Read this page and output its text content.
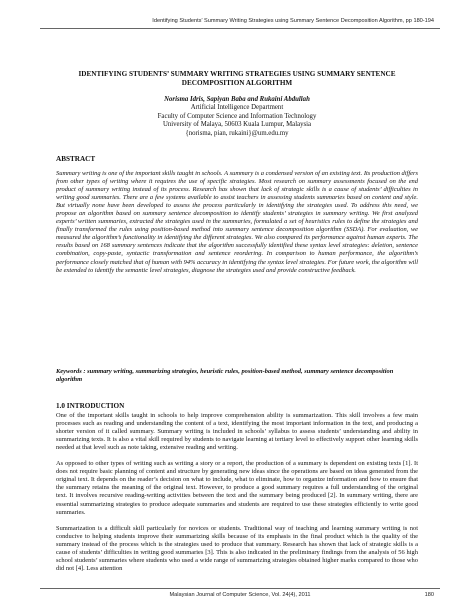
Identifying Students’ Summary Writing Strategies using Summary Sentence Decomposition Algorithm, pp 180-194
IDENTIFYING STUDENTS’ SUMMARY WRITING STRATEGIES USING SUMMARY SENTENCE
DECOMPOSITION ALGORITHM
Norisma Idris, Sapiyan Baba and Rukaini Abdullah
Artificial Intelligence Department
Faculty of Computer Science and Information Technology
University of Malaya, 50603 Kuala Lumpur, Malaysia
{norisma, pian, rukaini}@um.edu.my
ABSTRACT
Summary writing is one of the important skills taught in schools. A summary is a condensed version of an existing text. Its production differs from other types of writing where it requires the use of specific strategies. Most research on summary assessments focused on the end product of summary writing instead of its process. Research has shown that lack of strategic skills is a cause of students’ difficulties in writing good summaries. There are a few systems available to assist teachers in assessing students summaries based on content and style. But virtually none have been developed to assess the process particularly in identifying the strategies used. To address this need, we propose an algorithm based on summary sentence decomposition to identify students’ strategies in summary writing. We first analyzed experts’ written summaries, extracted the strategies used in the summaries, formulated a set of heuristics rules to define the strategies and finally transformed the rules using position-based method into summary sentence decomposition algorithm (SSDA). For evaluation, we measured the algorithm’s functionality in identifying the different strategies. We also compared its performance against human experts. The results based on 168 summary sentences indicate that the algorithm successfully identified these syntax level strategies: deletion, sentence combination, copy-paste, syntactic transformation and sentence reordering. In comparison to human performance, the algorithm’s performance closely matched that of human with 94% accuracy in identifying the syntax level strategies. For future work, the algorithm will be extended to identify the semantic level strategies, diagnose the strategies used and provide constructive feedback.
Keywords : summary writing, summarizing strategies, heuristic rules, position-based method, summary sentence decomposition algorithm
1.0 INTRODUCTION

One of the important skills taught in schools to help improve comprehension ability is summarization. This skill involves a few main processes such as reading and understanding the content of a text, identifying the most important information in the text, and producing a shorter version of it called summary. Summary writing is included in schools’ syllabus to assess students’ understanding and ability in summarizing texts. It is also a vital skill required by students to navigate learning at tertiary level to effectively support other learning skills needed at that level such as note taking, extensive reading and writing.

As opposed to other types of writing such as writing a story or a report, the production of a summary is dependent on existing texts [1]. It does not require basic planning of content and structure by generating new ideas since the operations are based on ideas generated from the original text. It depends on the reader’s decision on what to include, what to eliminate, how to organize information and how to ensure that the summary retains the meaning of the original text. However, to produce a good summary requires a full understanding of the original text. It involves recursive reading-writing activities between the text and the summary being produced [2]. In summary writing, there are essential summarizing strategies to produce adequate summaries and students are required to use these strategies efficiently to write good summaries.

Summarization is a difficult skill particularly for novices or students. Traditional way of teaching and learning summary writing is not conducive to helping students improve their summarizing skills because of its emphasis in the final product which is the quality of the summary instead of the process which is the strategies used to produce that summary. Research has shown that lack of strategic skills is a cause of students’ difficulties in writing good summaries [3]. This is also indicated in the preliminary findings from the analysis of 56 high school students’ summaries where students who used a wide range of summarizing strategies obtained higher marks compared to those who did not [4]. Less attention

Malaysian Journal of Computer Science, Vol. 24(4), 2011	180
